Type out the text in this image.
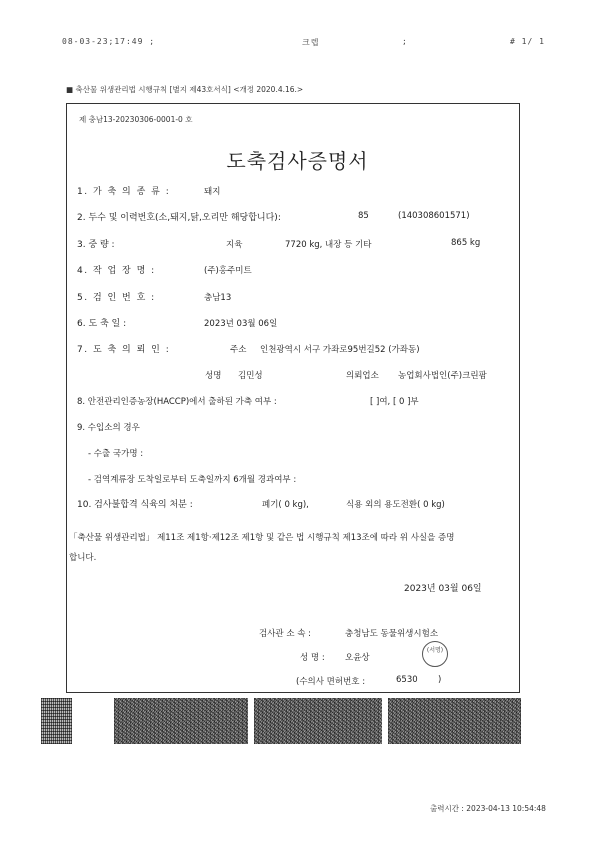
08-03-23;17:49 ;	크렙	;	# 1/ 1
■ 축산물 위생관리법 시행규칙 [별지 제43호서식] <개정 2020.4.16.>
제 충남13-20230306-0001-0 호
도축검사증명서
1. 가 축 의 종 류 :	돼지
2. 두수 및 이력번호(소,돼지,닭,오리만 해당합니다):	85	(140308601571)
3. 중 량 :	지육	7720 kg, 내장 등 기타	865 kg
4. 작 업 장 명 :	(주)홍주미트
5. 검 인 번 호 :	충남13
6. 도 축 일 :	2023년 03월 06일
7. 도 축 의 뢰 인 :	주소 인천광역시 서구 가좌로95번길52 (가좌동)
성명 김민성	의뢰업소 농업회사법인(주)크린팜
8. 안전관리인증농장(HACCP)에서 출하된 가축 여부 :	[ ]여, [ 0 ]부
9. 수입소의 경우
- 수출 국가명 :
- 검역계류장 도착일로부터 도축일까지 6개월 경과여부 :
10. 검사불합격 식육의 처분 :	폐기( 0 kg),	식용 외의 용도전환( 0 kg)
「축산물 위생관리법」 제11조 제1항·제12조 제1항 및 같은 법 시행규칙 제13조에 따라 위 사실을 증명
합니다.
2023년 03월 06일
검사관 소 속 :	충청남도 동물위생시험소
성 명 : 오윤상
(서명)
(수의사 면허번호 :	6530 )
출력시간 : 2023-04-13 10:54:48
